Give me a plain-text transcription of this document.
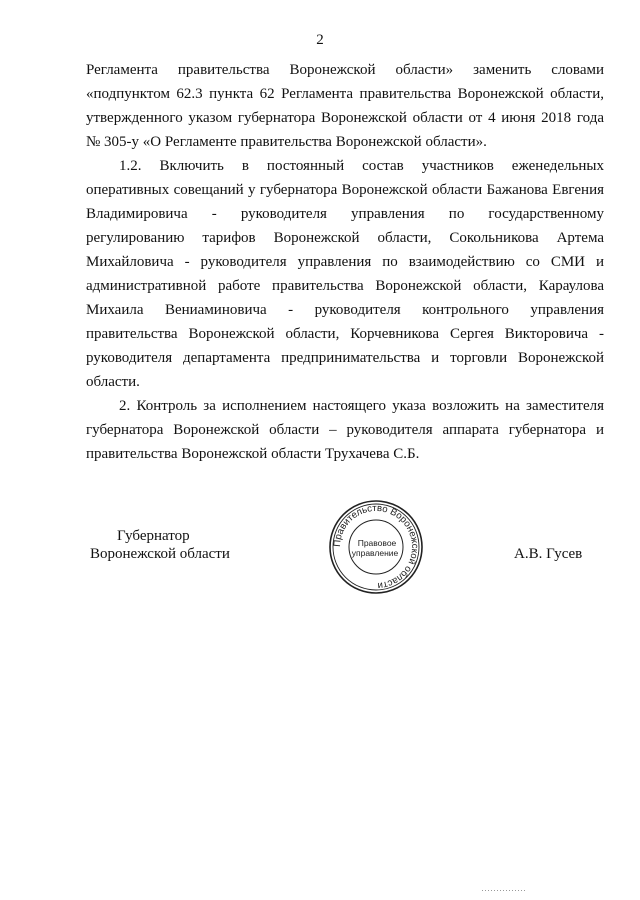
2

Регламента правительства Воронежской области» заменить словами «подпунктом 62.3 пункта 62 Регламента правительства Воронежской области, утвержденного указом губернатора Воронежской области от 4 июня 2018 года № 305-у «О Регламенте правительства Воронежской области».

1.2. Включить в постоянный состав участников еженедельных оперативных совещаний у губернатора Воронежской области Бажанова Евгения Владимировича - руководителя управления по государственному регулированию тарифов Воронежской области, Сокольникова Артема Михайловича - руководителя управления по взаимодействию со СМИ и административной работе правительства Воронежской области, Караулова Михаила Вениаминовича - руководителя контрольного управления правительства Воронежской области, Корчевникова Сергея Викторовича - руководителя департамента предпринимательства и торговли Воронежской области.

2. Контроль за исполнением настоящего указа возложить на заместителя губернатора Воронежской области – руководителя аппарата губернатора и правительства Воронежской области Трухачева С.Б.

Губернатор
Воронежской области	А.В. Гусев
Правительство Воронежской области
Правовое
управление
